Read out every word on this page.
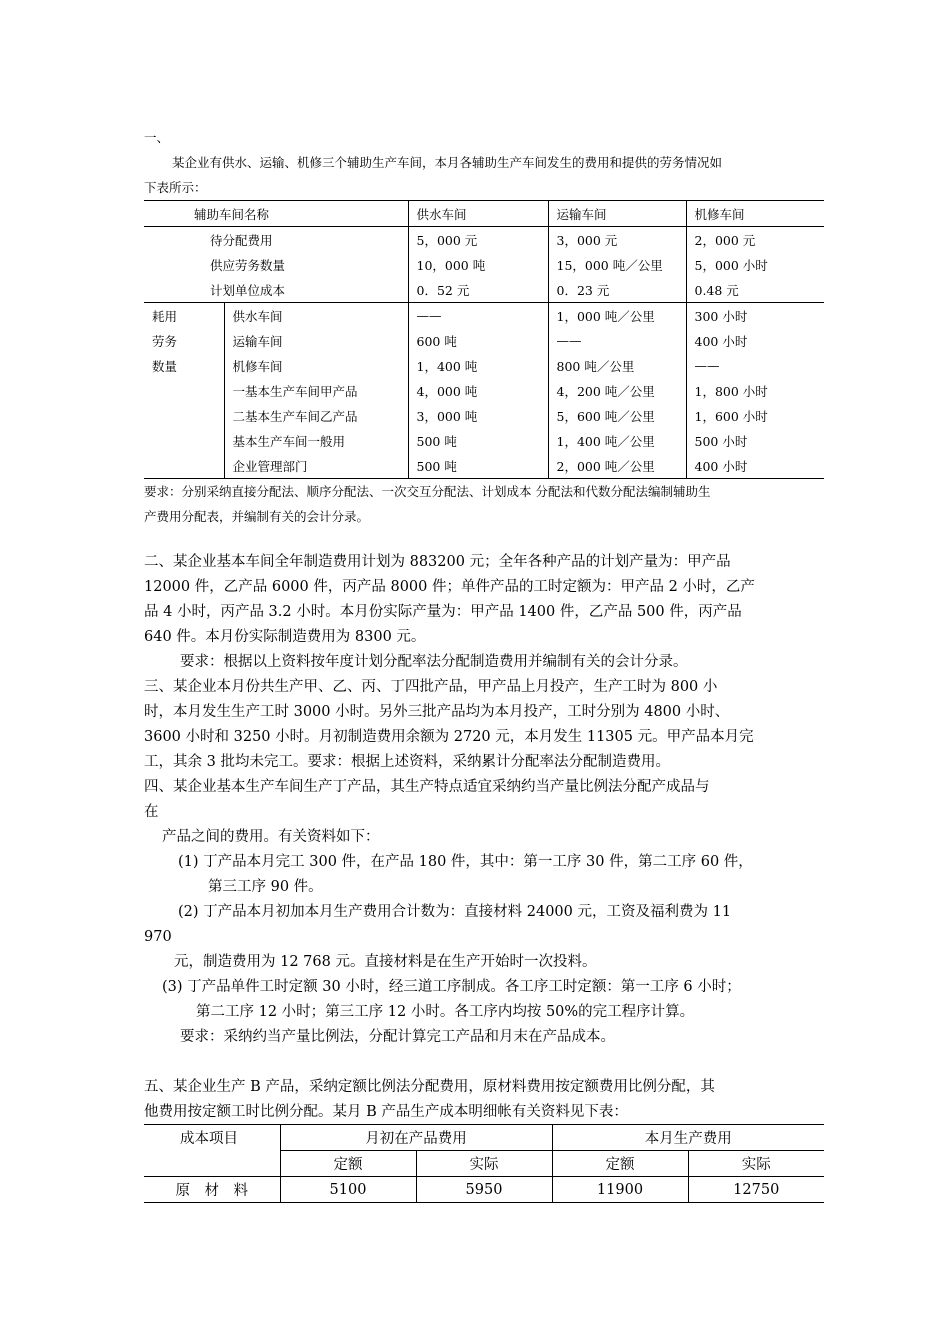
一、

某企业有供水、运输、机修三个辅助生产车间，本月各辅助生产车间发生的费用和提供的劳务情况如

下表所示：

辅助车间名称		供水车间	运输车间	机修车间
待分配费用		5，000 元	3，000 元	2，000 元
供应劳务数量		10，000 吨	15，000 吨／公里	5，000 小时
计划单位成本		0．52 元	0．23 元	0.48 元
耗用	供水车间	——	1，000 吨／公里	300 小时
劳务	运输车间	600 吨	——	400 小时
数量	机修车间	1，400 吨	800 吨／公里	——
	一基本生产车间甲产品	4，000 吨	4，200 吨／公里	1，800 小时
	二基本生产车间乙产品	3，000 吨	5，600 吨／公里	1，600 小时
	基本生产车间一般用	500 吨	1，400 吨／公里	500 小时
	企业管理部门	500 吨	2，000 吨／公里	400 小时

要求：分别采纳直接分配法、顺序分配法、一次交互分配法、计划成本 分配法和代数分配法编制辅助生

产费用分配表，并编制有关的会计分录。

二、某企业基本车间全年制造费用计划为 883200 元；全年各种产品的计划产量为：甲产品

12000 件，乙产品 6000 件，丙产品 8000 件；单件产品的工时定额为：甲产品 2 小时，乙产

品 4 小时，丙产品 3.2 小时。本月份实际产量为：甲产品 1400 件，乙产品 500 件，丙产品

640 件。本月份实际制造费用为 8300 元。

要求：根据以上资料按年度计划分配率法分配制造费用并编制有关的会计分录。

三、某企业本月份共生产甲、乙、丙、丁四批产品，甲产品上月投产，生产工时为 800 小

时，本月发生生产工时 3000 小时。另外三批产品均为本月投产，工时分别为 4800 小时、

3600 小时和 3250 小时。月初制造费用余额为 2720 元，本月发生 11305 元。甲产品本月完

工，其余 3 批均未完工。要求：根据上述资料，采纳累计分配率法分配制造费用。

四、某企业基本生产车间生产丁产品，其生产特点适宜采纳约当产量比例法分配产成品与

在

产品之间的费用。有关资料如下：

(1) 丁产品本月完工 300 件，在产品 180 件，其中：第一工序 30 件，第二工序 60 件，

第三工序 90 件。

(2) 丁产品本月初加本月生产费用合计数为：直接材料 24000 元，工资及福利费为 11

970

元，制造费用为 12 768 元。直接材料是在生产开始时一次投料。

(3) 丁产品单件工时定额 30 小时，经三道工序制成。各工序工时定额：第一工序 6 小时；

第二工序 12 小时；第三工序 12 小时。各工序内均按 50%的完工程序计算。

要求：采纳约当产量比例法，分配计算完工产品和月末在产品成本。

五、某企业生产 B 产品，采纳定额比例法分配费用，原材料费用按定额费用比例分配，其

他费用按定额工时比例分配。某月 B 产品生产成本明细帐有关资料见下表：

成本项目	月初在产品费用		本月生产费用	
	定额	实际	定额	实际
原　材　料	5100	5950	11900	12750
